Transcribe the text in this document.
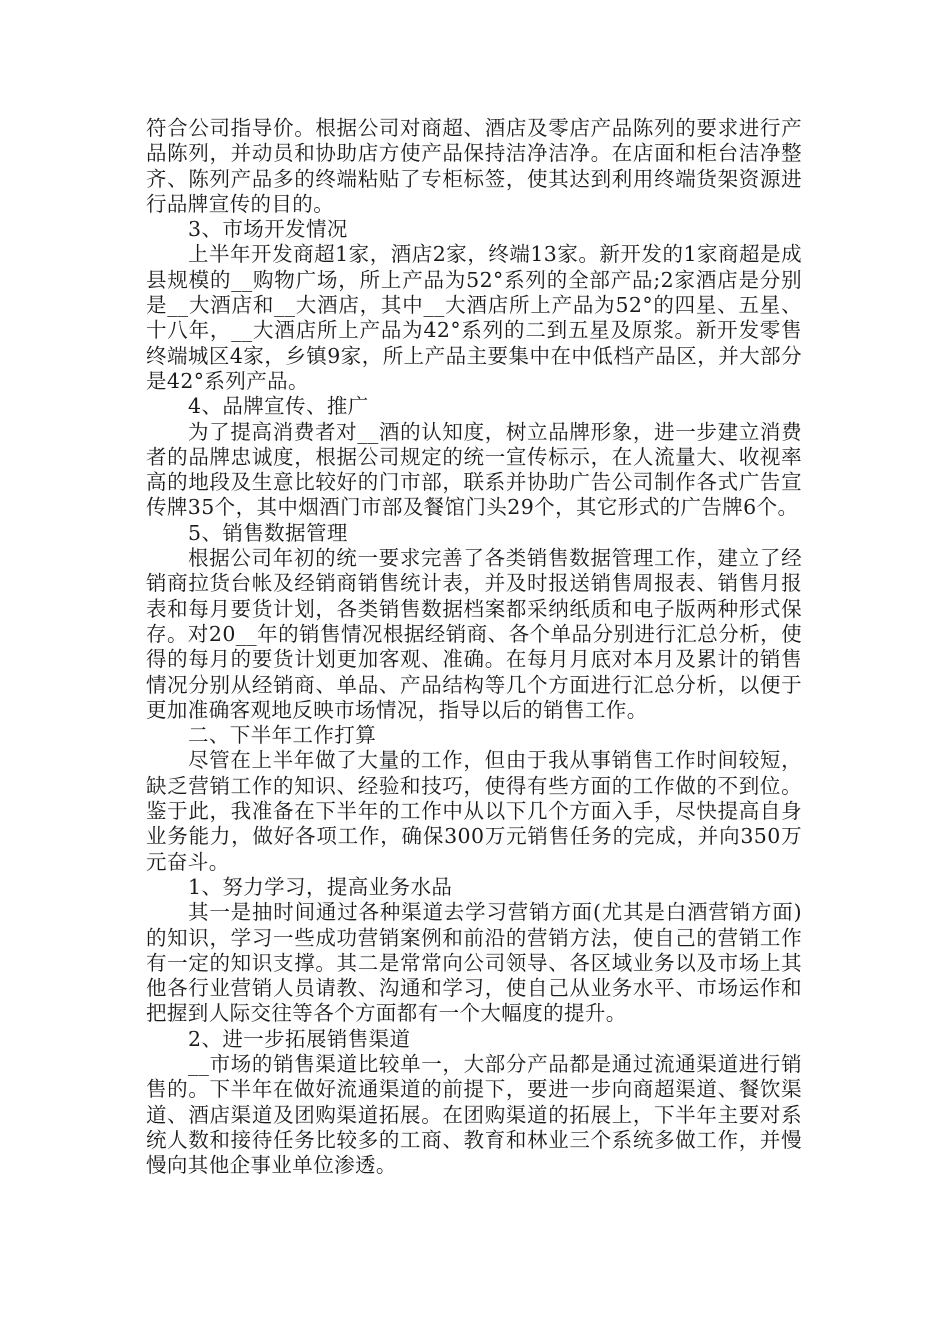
符合公司指导价。根据公司对商超、酒店及零店产品陈列的要求进行产品陈列，并动员和协助店方使产品保持洁净洁净。在店面和柜台洁净整齐、陈列产品多的终端粘贴了专柜标签，使其达到利用终端货架资源进行品牌宣传的目的。

3、市场开发情况

上半年开发商超1家，酒店2家，终端13家。新开发的1家商超是成县规模的__购物广场，所上产品为52°系列的全部产品;2家酒店是分别是__大酒店和__大酒店，其中__大酒店所上产品为52°的四星、五星、十八年，__大酒店所上产品为42°系列的二到五星及原浆。新开发零售终端城区4家，乡镇9家，所上产品主要集中在中低档产品区，并大部分是42°系列产品。

4、品牌宣传、推广

为了提高消费者对__酒的认知度，树立品牌形象，进一步建立消费者的品牌忠诚度，根据公司规定的统一宣传标示，在人流量大、收视率高的地段及生意比较好的门市部，联系并协助广告公司制作各式广告宣传牌35个，其中烟酒门市部及餐馆门头29个，其它形式的广告牌6个。

5、销售数据管理

根据公司年初的统一要求完善了各类销售数据管理工作，建立了经销商拉货台帐及经销商销售统计表，并及时报送销售周报表、销售月报表和每月要货计划，各类销售数据档案都采纳纸质和电子版两种形式保存。对20__年的销售情况根据经销商、各个单品分别进行汇总分析，使得的每月的要货计划更加客观、准确。在每月月底对本月及累计的销售情况分别从经销商、单品、产品结构等几个方面进行汇总分析，以便于更加准确客观地反映市场情况，指导以后的销售工作。

二、下半年工作打算

尽管在上半年做了大量的工作，但由于我从事销售工作时间较短，缺乏营销工作的知识、经验和技巧，使得有些方面的工作做的不到位。鉴于此，我准备在下半年的工作中从以下几个方面入手，尽快提高自身业务能力，做好各项工作，确保300万元销售任务的完成，并向350万元奋斗。

1、努力学习，提高业务水品

其一是抽时间通过各种渠道去学习营销方面(尤其是白酒营销方面)的知识，学习一些成功营销案例和前沿的营销方法，使自己的营销工作有一定的知识支撑。其二是常常向公司领导、各区域业务以及市场上其他各行业营销人员请教、沟通和学习，使自己从业务水平、市场运作和把握到人际交往等各个方面都有一个大幅度的提升。

2、进一步拓展销售渠道

__市场的销售渠道比较单一，大部分产品都是通过流通渠道进行销售的。下半年在做好流通渠道的前提下，要进一步向商超渠道、餐饮渠道、酒店渠道及团购渠道拓展。在团购渠道的拓展上，下半年主要对系统人数和接待任务比较多的工商、教育和林业三个系统多做工作，并慢慢向其他企事业单位渗透。
